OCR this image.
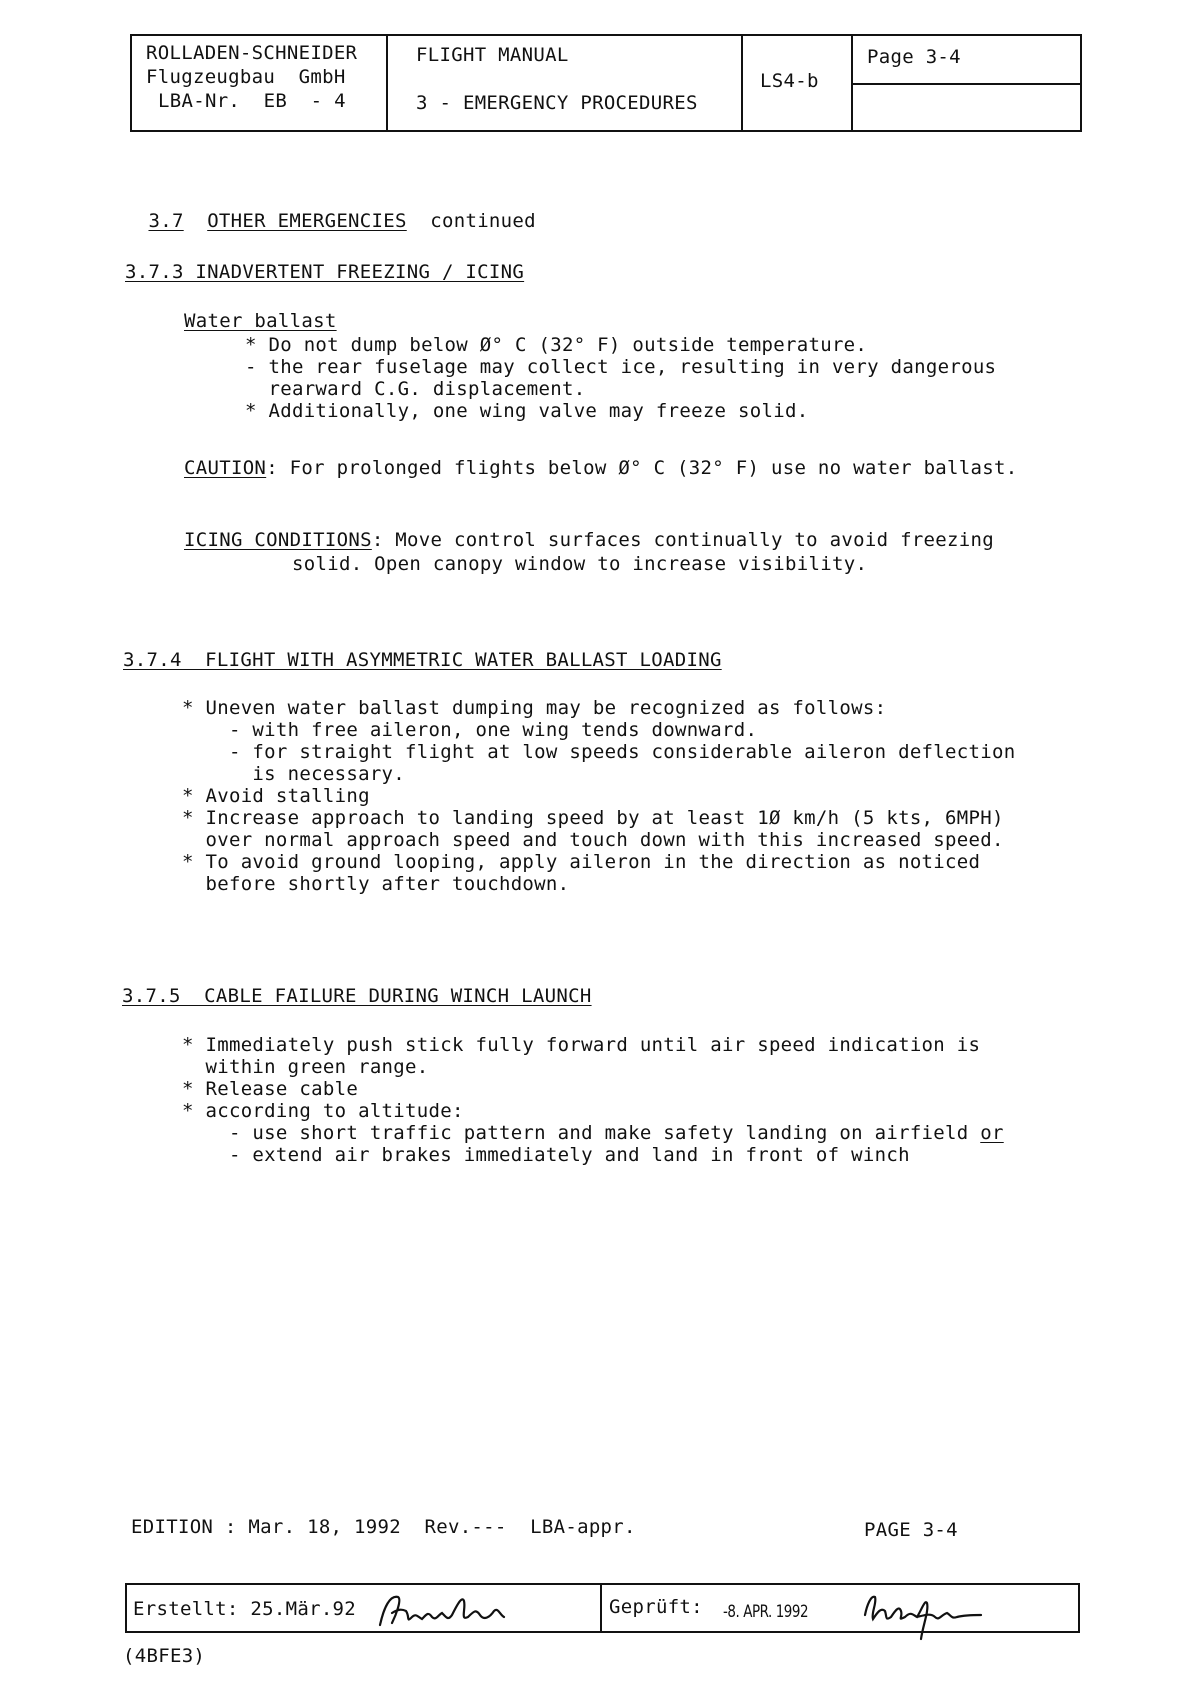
ROLLADEN-SCHNEIDER
Flugzeugbau  GmbH
LBA-Nr.  EB  - 4
FLIGHT MANUAL
3 - EMERGENCY PROCEDURES
LS4-b
Page 3-4

3.7 OTHER EMERGENCIES continued

3.7.3 INADVERTENT FREEZING / ICING
Water ballast
* Do not dump below Ø° C (32° F) outside temperature.
- the rear fuselage may collect ice, resulting in very dangerous
rearward C.G. displacement.
* Additionally, one wing valve may freeze solid.
CAUTION: For prolonged flights below Ø° C (32° F) use no water ballast.
ICING CONDITIONS: Move control surfaces continually to avoid freezing
solid. Open canopy window to increase visibility.
3.7.4  FLIGHT WITH ASYMMETRIC WATER BALLAST LOADING
* Uneven water ballast dumping may be recognized as follows:
- with free aileron, one wing tends downward.
- for straight flight at low speeds considerable aileron deflection
is necessary.
* Avoid stalling
* Increase approach to landing speed by at least 1Ø km/h (5 kts, 6MPH)
over normal approach speed and touch down with this increased speed.
* To avoid ground looping, apply aileron in the direction as noticed
before shortly after touchdown.
3.7.5  CABLE FAILURE DURING WINCH LAUNCH
* Immediately push stick fully forward until air speed indication is
within green range.
* Release cable
* according to altitude:
- use short traffic pattern and make safety landing on airfield or
- extend air brakes immediately and land in front of winch
EDITION : Mar. 18, 1992  Rev.---  LBA-appr.	PAGE 3-4
Erstellt: 25.Mär.92	Geprüft: -8. APR. 1992
(4BFE3)
